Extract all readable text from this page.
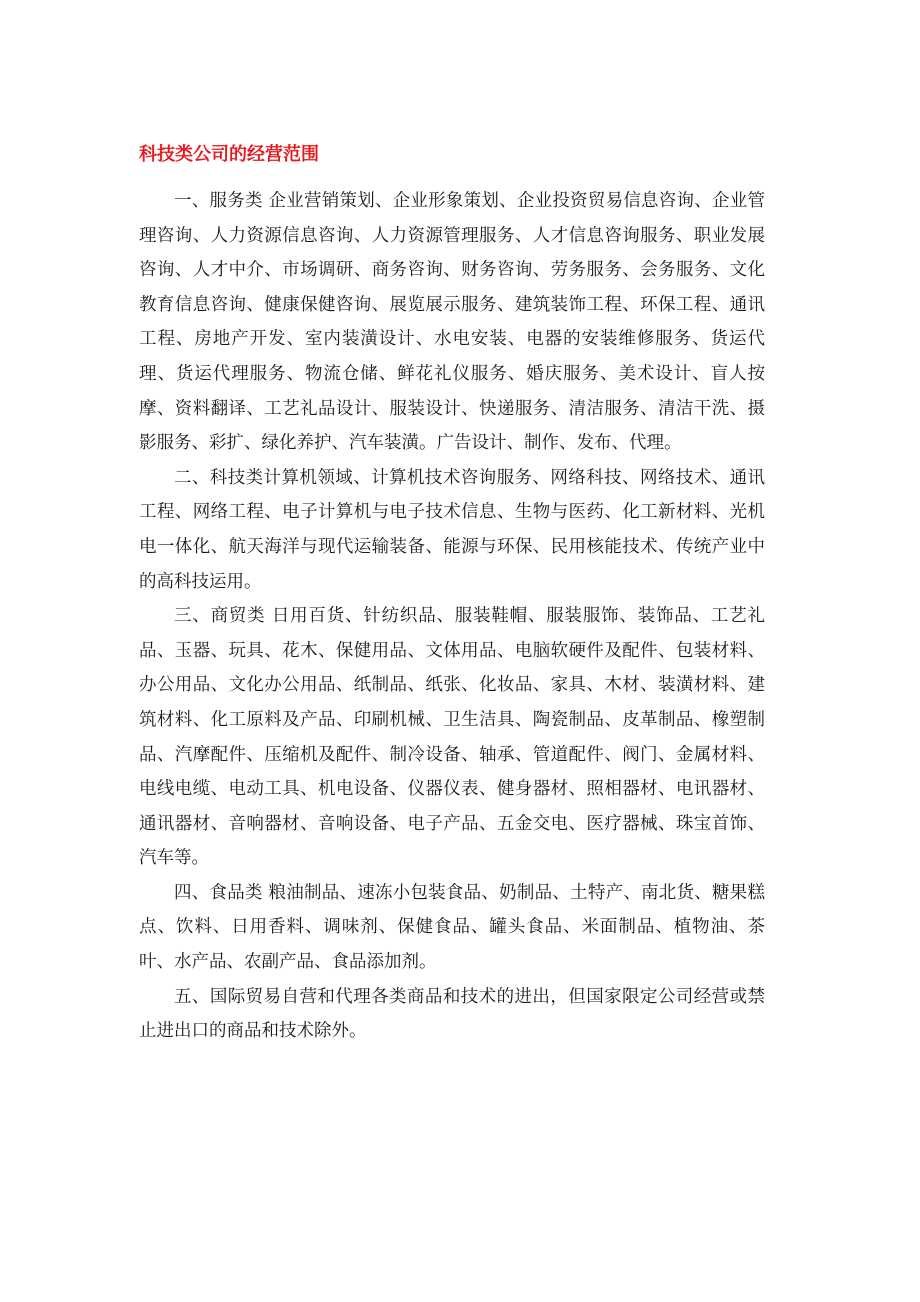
科技类公司的经营范围

一、服务类 企业营销策划、企业形象策划、企业投资贸易信息咨询、企业管理咨询、人力资源信息咨询、人力资源管理服务、人才信息咨询服务、职业发展咨询、人才中介、市场调研、商务咨询、财务咨询、劳务服务、会务服务、文化教育信息咨询、健康保健咨询、展览展示服务、建筑装饰工程、环保工程、通讯工程、房地产开发、室内装潢设计、水电安装、电器的安装维修服务、货运代理、货运代理服务、物流仓储、鲜花礼仪服务、婚庆服务、美术设计、盲人按摩、资料翻译、工艺礼品设计、服装设计、快递服务、清洁服务、清洁干洗、摄影服务、彩扩、绿化养护、汽车装潢。广告设计、制作、发布、代理。

二、科技类计算机领域、计算机技术咨询服务、网络科技、网络技术、通讯工程、网络工程、电子计算机与电子技术信息、生物与医药、化工新材料、光机电一体化、航天海洋与现代运输装备、能源与环保、民用核能技术、传统产业中的高科技运用。

三、商贸类 日用百货、针纺织品、服装鞋帽、服装服饰、装饰品、工艺礼品、玉器、玩具、花木、保健用品、文体用品、电脑软硬件及配件、包装材料、办公用品、文化办公用品、纸制品、纸张、化妆品、家具、木材、装潢材料、建筑材料、化工原料及产品、印刷机械、卫生洁具、陶瓷制品、皮革制品、橡塑制品、汽摩配件、压缩机及配件、制冷设备、轴承、管道配件、阀门、金属材料、电线电缆、电动工具、机电设备、仪器仪表、健身器材、照相器材、电讯器材、通讯器材、音响器材、音响设备、电子产品、五金交电、医疗器械、珠宝首饰、汽车等。

四、食品类 粮油制品、速冻小包装食品、奶制品、土特产、南北货、糖果糕点、饮料、日用香料、调味剂、保健食品、罐头食品、米面制品、植物油、茶叶、水产品、农副产品、食品添加剂。

五、国际贸易自营和代理各类商品和技术的进出，但国家限定公司经营或禁止进出口的商品和技术除外。
